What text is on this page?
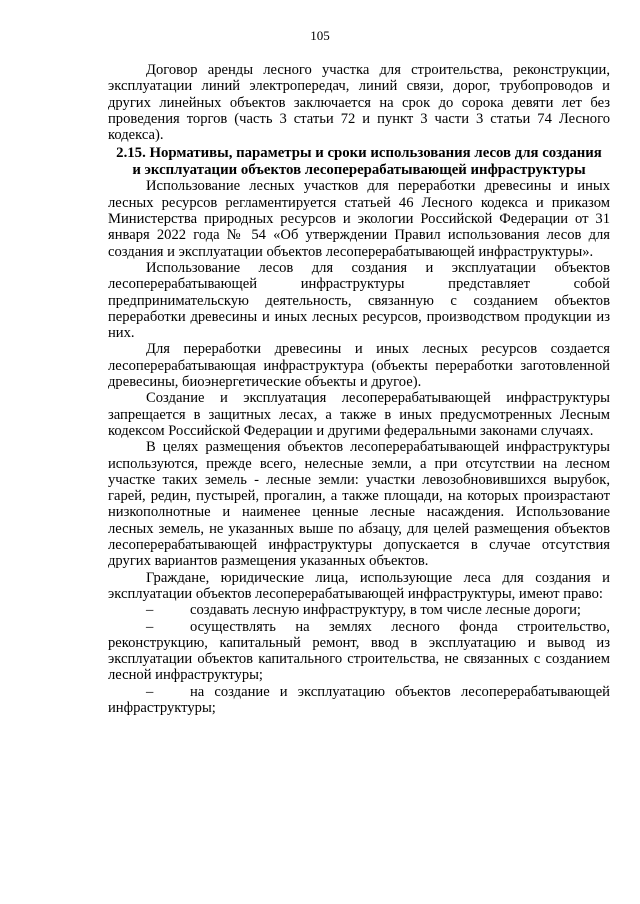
105

Договор аренды лесного участка для строительства, реконструкции, эксплуатации линий электропередач, линий связи, дорог, трубопроводов и других линейных объектов заключается на срок до сорока девяти лет без проведения торгов (часть 3 статьи 72 и пункт 3 части 3 статьи 74 Лесного кодекса).

2.15. Нормативы, параметры и сроки использования лесов для создания
и эксплуатации объектов лесоперерабатывающей инфраструктуры

Использование лесных участков для переработки древесины и иных лесных ресурсов регламентируется статьей 46 Лесного кодекса и приказом Министерства природных ресурсов и экологии Российской Федерации от 31 января 2022 года № 54 «Об утверждении Правил использования лесов для создания и эксплуатации объектов лесоперерабатывающей инфраструктуры».

Использование лесов для создания и эксплуатации объектов лесоперерабатывающей инфраструктуры представляет собой предпринимательскую деятельность, связанную с созданием объектов переработки древесины и иных лесных ресурсов, производством продукции из них.

Для переработки древесины и иных лесных ресурсов создается лесоперерабатывающая инфраструктура (объекты переработки заготовленной древесины, биоэнергетические объекты и другое).

Создание и эксплуатация лесоперерабатывающей инфраструктуры запрещается в защитных лесах, а также в иных предусмотренных Лесным кодексом Российской Федерации и другими федеральными законами случаях.

В целях размещения объектов лесоперерабатывающей инфраструктуры используются, прежде всего, нелесные земли, а при отсутствии на лесном участке таких земель - лесные земли: участки левозобновившихся вырубок, гарей, редин, пустырей, прогалин, а также площади, на которых произрастают низкополнотные и наименее ценные лесные насаждения. Использование лесных земель, не указанных выше по абзацу, для целей размещения объектов лесоперерабатывающей инфраструктуры допускается в случае отсутствия других вариантов размещения указанных объектов.

Граждане, юридические лица, использующие леса для создания и эксплуатации объектов лесоперерабатывающей инфраструктуры, имеют право:

–	создавать лесную инфраструктуру, в том числе лесные дороги;

–	осуществлять на землях лесного фонда строительство, реконструкцию, капитальный ремонт, ввод в эксплуатацию и вывод из эксплуатации объектов капитального строительства, не связанных с созданием лесной инфраструктуры;

–	на создание и эксплуатацию объектов лесоперерабатывающей инфраструктуры;
